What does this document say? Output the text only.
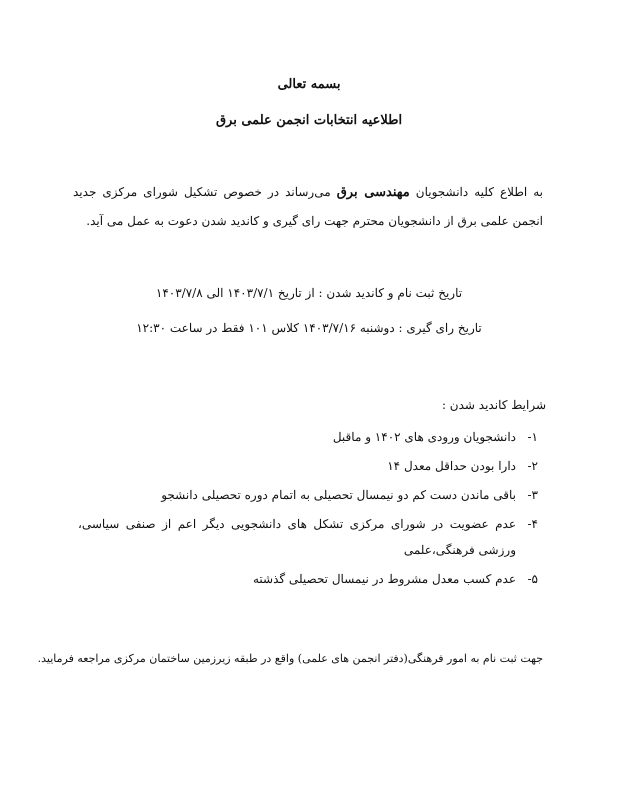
بسمه تعالی
اطلاعیه انتخابات انجمن علمی برق

به اطلاع کلیه دانشجویان مهندسی برق می‌رساند در خصوص تشکیل شورای مرکزی جدید انجمن علمی برق از دانشجویان محترم جهت رای گیری و کاندید شدن دعوت به عمل می آید.

تاریخ ثبت نام و کاندید شدن : از تاریخ ۱۴۰۳/۷/۱ الی ۱۴۰۳/۷/۸

تاریخ رای گیری : دوشنبه ۱۴۰۳/۷/۱۶ کلاس ۱۰۱ فقط در ساعت ۱۲:۳۰

شرایط کاندید شدن :

۱-
دانشجویان ورودی های ۱۴۰۲ و ماقبل
۲-
دارا بودن حداقل معدل ۱۴
۳-
باقی ماندن دست کم دو نیمسال تحصیلی به اتمام دوره تحصیلی دانشجو
۴-
عدم عضویت در شورای مرکزی تشکل های دانشجویی دیگر اعم از صنفی سیاسی، ورزشی فرهنگی،علمی
۵-
عدم کسب معدل مشروط در نیمسال تحصیلی گذشته

جهت ثبت نام به امور فرهنگی(دفتر انجمن های علمی) واقع در طبقه زیرزمین ساختمان مرکزی مراجعه فرمایید.
